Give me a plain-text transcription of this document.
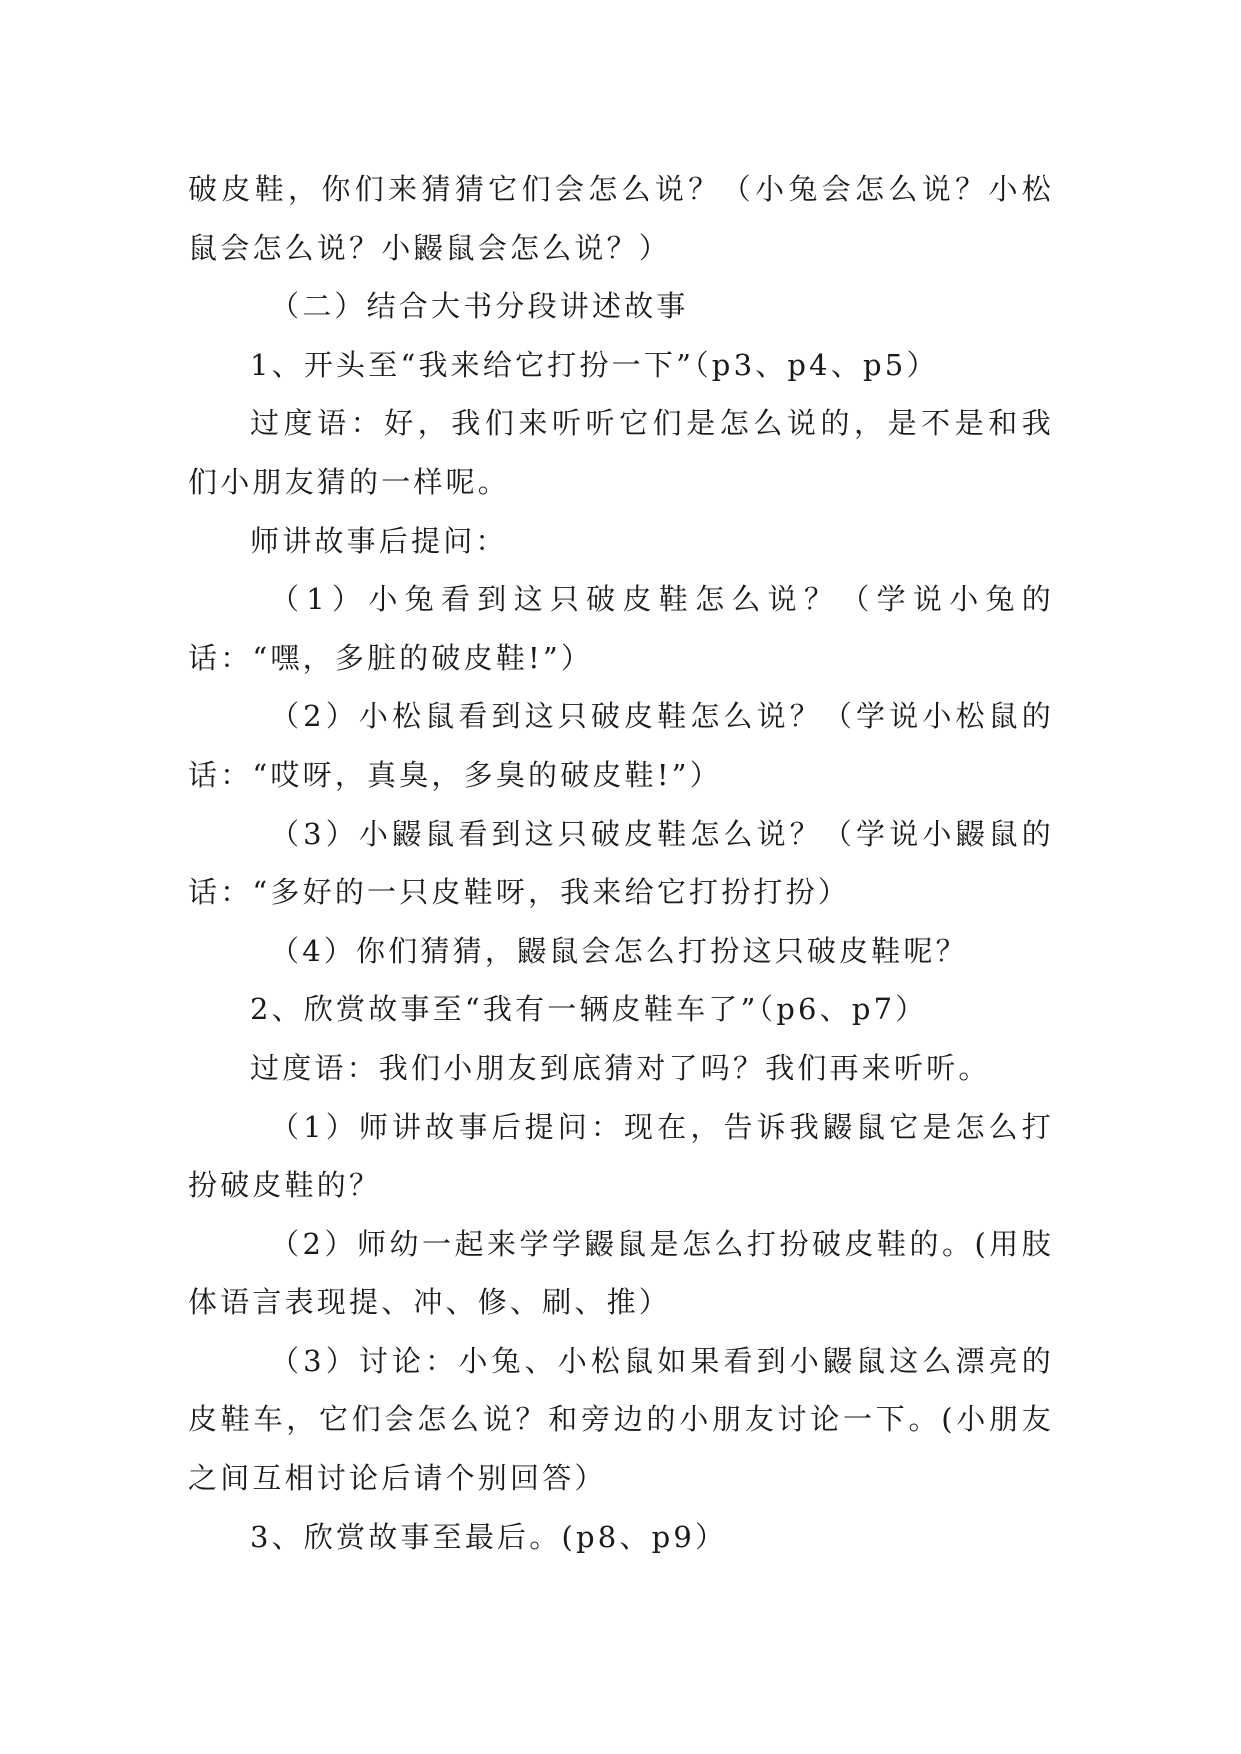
破皮鞋，你们来猜猜它们会怎么说？（小兔会怎么说？小松鼠会怎么说？小鼹鼠会怎么说？）

（二）结合大书分段讲述故事

1、开头至“我来给它打扮一下”（p3、p4、p5）

过度语：好，我们来听听它们是怎么说的，是不是和我们小朋友猜的一样呢。

师讲故事后提问：

（1）小兔看到这只破皮鞋怎么说？（学说小兔的话：“嘿，多脏的破皮鞋!”）

（2）小松鼠看到这只破皮鞋怎么说？（学说小松鼠的话：“哎呀，真臭，多臭的破皮鞋!”）

（3）小鼹鼠看到这只破皮鞋怎么说？（学说小鼹鼠的话：“多好的一只皮鞋呀，我来给它打扮打扮）

（4）你们猜猜，鼹鼠会怎么打扮这只破皮鞋呢？

2、欣赏故事至“我有一辆皮鞋车了”（p6、p7）

过度语：我们小朋友到底猜对了吗？我们再来听听。

（1）师讲故事后提问：现在，告诉我鼹鼠它是怎么打扮破皮鞋的？

（2）师幼一起来学学鼹鼠是怎么打扮破皮鞋的。(用肢体语言表现提、冲、修、刷、推）

（3）讨论：小兔、小松鼠如果看到小鼹鼠这么漂亮的皮鞋车，它们会怎么说？和旁边的小朋友讨论一下。(小朋友之间互相讨论后请个别回答）

3、欣赏故事至最后。(p8、p9）
